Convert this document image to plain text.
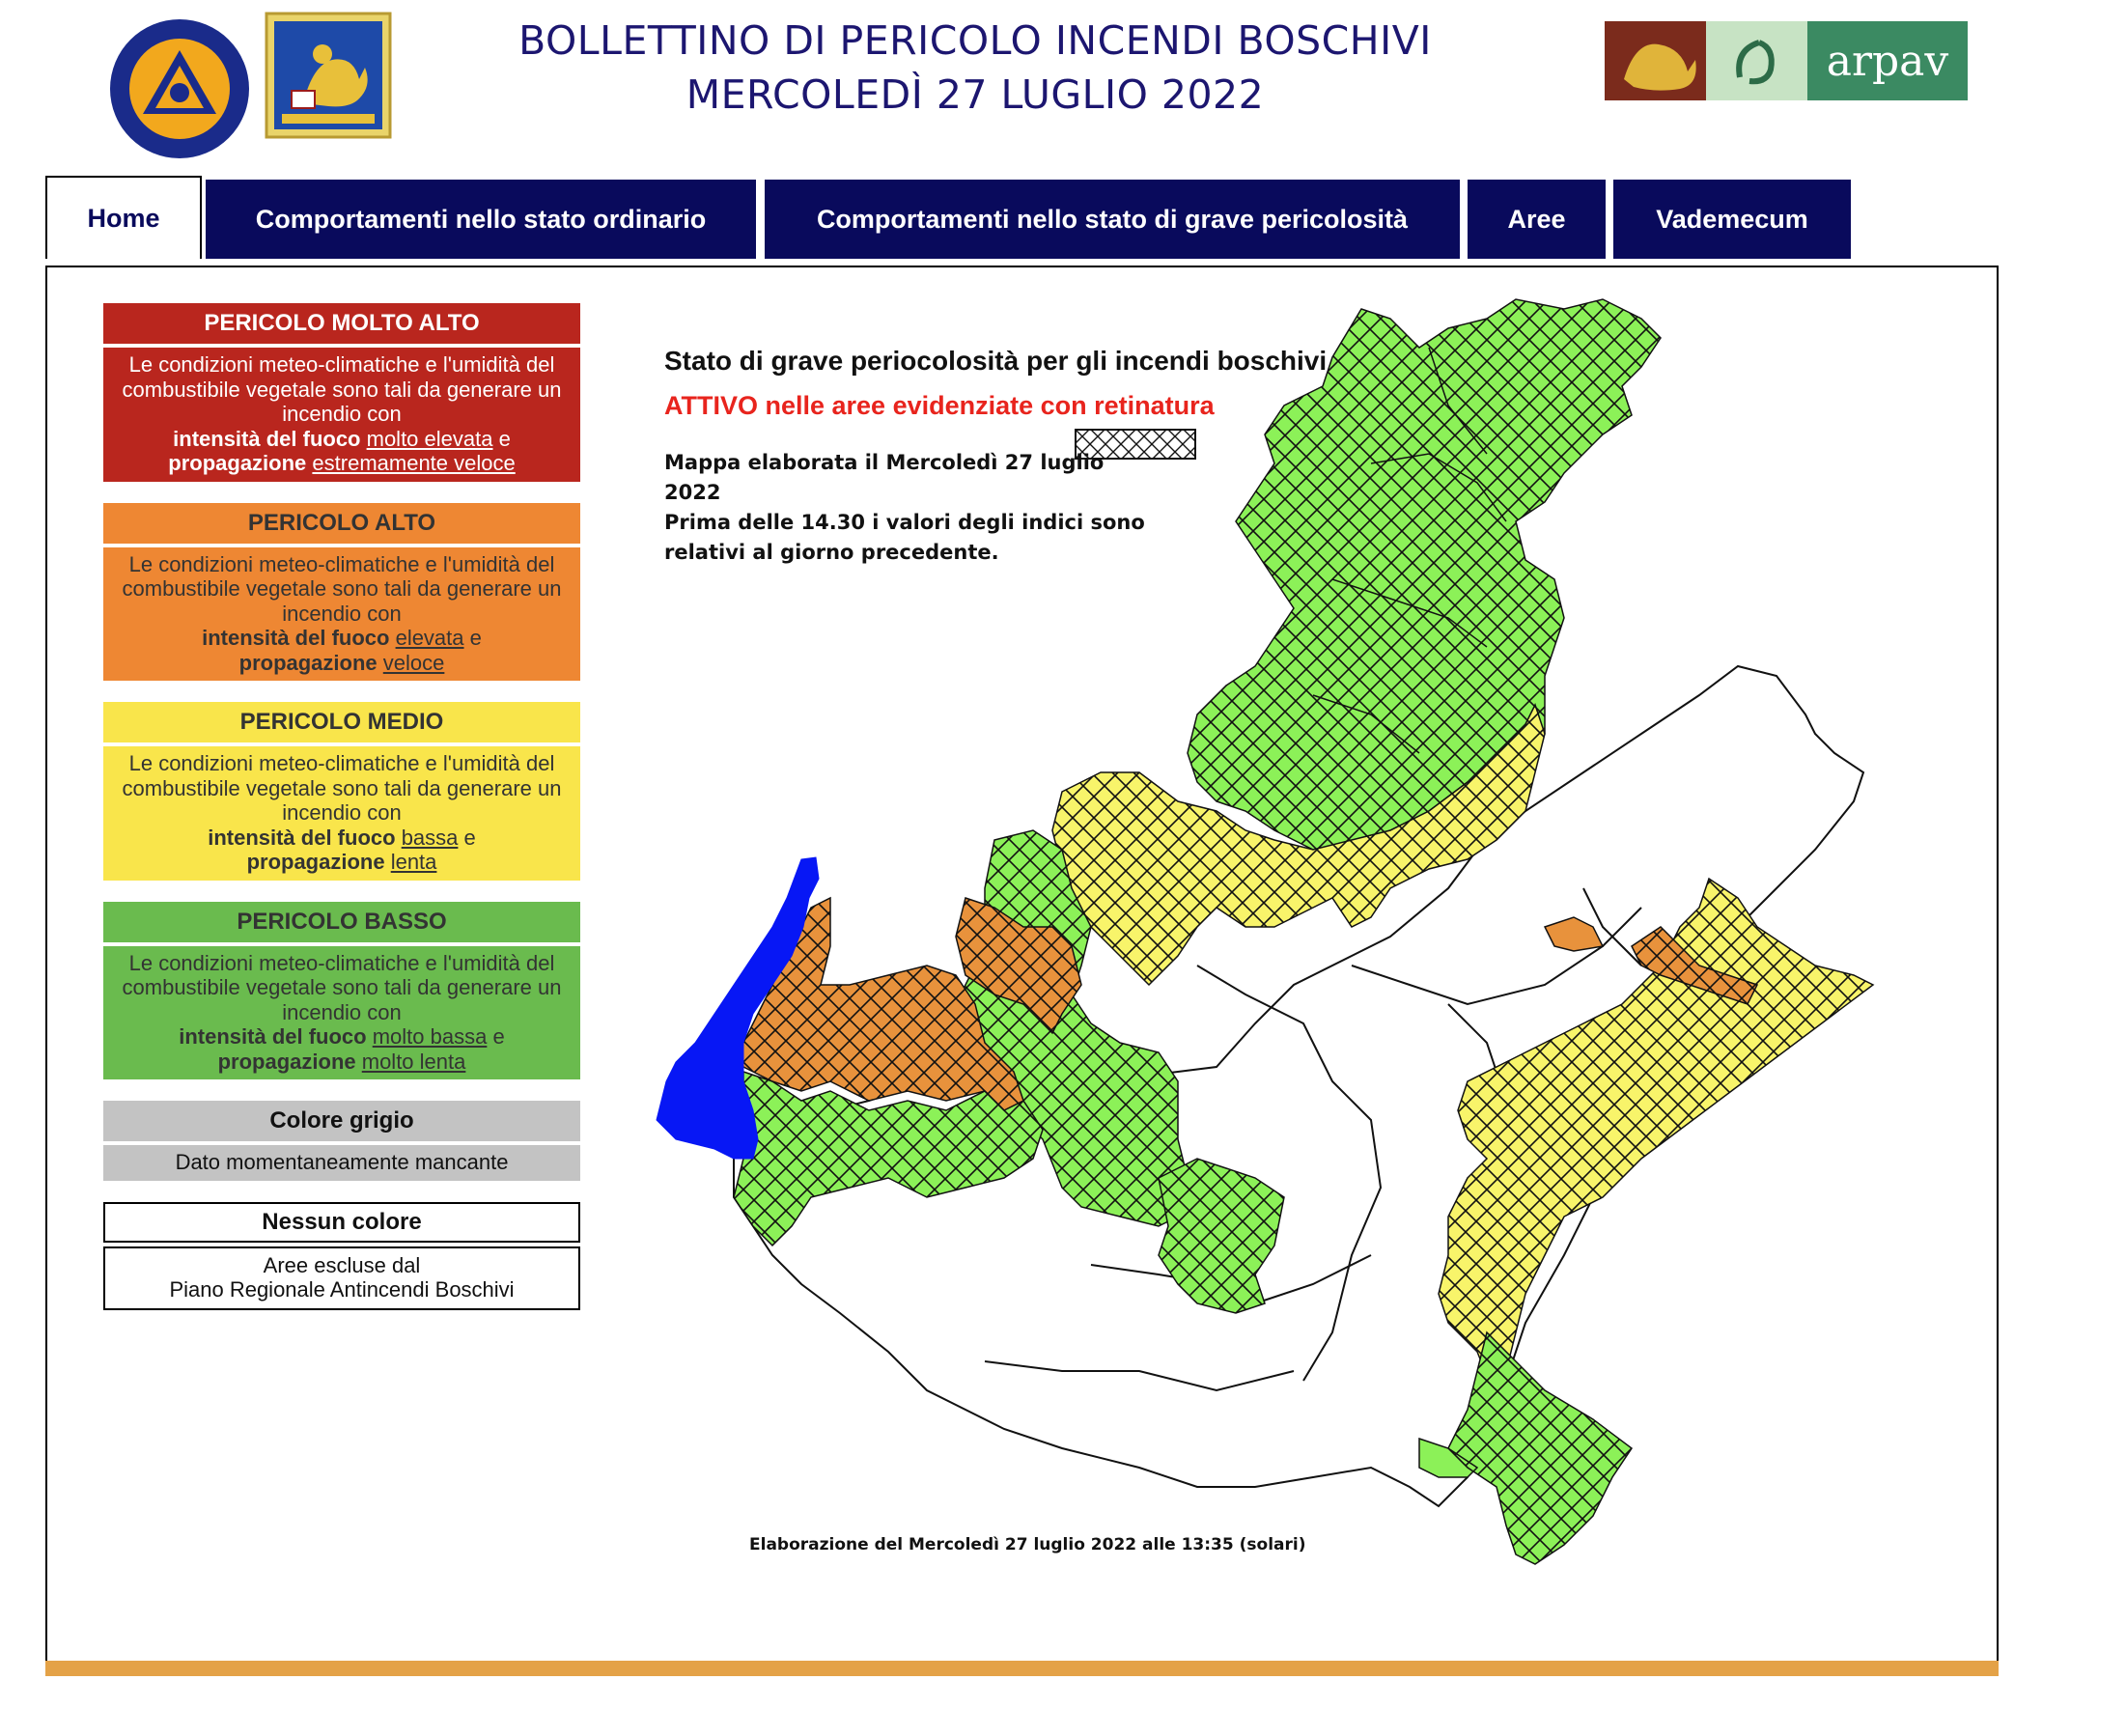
arpav
BOLLETTINO DI PERICOLO INCENDI BOSCHIVI
MERCOLEDÌ 27 LUGLIO 2022
Home	Comportamenti nello stato ordinario	Comportamenti nello stato di grave pericolosità	Aree	Vademecum
PERICOLO MOLTO ALTO
Le condizioni meteo-climatiche e l'umidità del combustibile vegetale sono tali da generare un incendio con
intensità del fuoco molto elevata e
propagazione estremamente veloce
PERICOLO ALTO
Le condizioni meteo-climatiche e l'umidità del combustibile vegetale sono tali da generare un incendio con
intensità del fuoco elevata e
propagazione veloce
PERICOLO MEDIO
Le condizioni meteo-climatiche e l'umidità del combustibile vegetale sono tali da generare un incendio con
intensità del fuoco bassa e
propagazione lenta
PERICOLO BASSO
Le condizioni meteo-climatiche e l'umidità del combustibile vegetale sono tali da generare un incendio con
intensità del fuoco molto bassa e
propagazione molto lenta
Colore grigio
Dato momentaneamente mancante
Nessun colore
Aree escluse dal
Piano Regionale Antincendi Boschivi
Stato di grave periocolosità per gli incendi boschivi
ATTIVO nelle aree evidenziate con retinatura
Mappa elaborata il Mercoledì 27 luglio 2022
Prima delle 14.30 i valori degli indici sono
relativi al giorno precedente.
Elaborazione del Mercoledì 27 luglio 2022 alle 13:35 (solari)
